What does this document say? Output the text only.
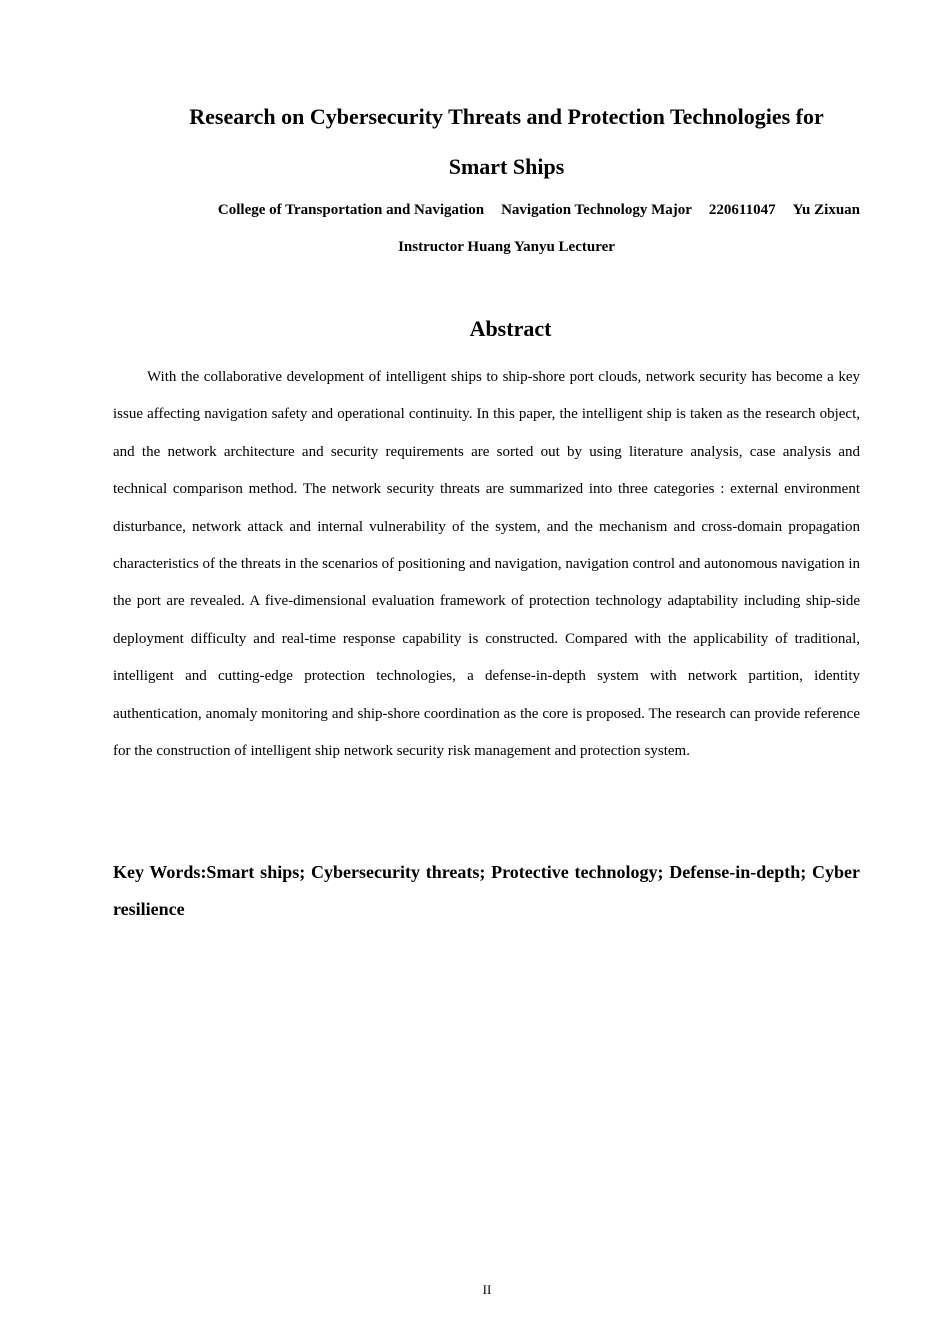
Research on Cybersecurity Threats and Protection Technologies for
Smart Ships
College of Transportation and Navigation Navigation Technology Major 220611047 Yu Zixuan
Instructor Huang Yanyu Lecturer
Abstract

With the collaborative development of intelligent ships to ship-shore port clouds, network security has become a key issue affecting navigation safety and operational continuity. In this paper, the intelligent ship is taken as the research object, and the network architecture and security requirements are sorted out by using literature analysis, case analysis and technical comparison method. The network security threats are summarized into three categories : external environment disturbance, network attack and internal vulnerability of the system, and the mechanism and cross-domain propagation characteristics of the threats in the scenarios of positioning and navigation, navigation control and autonomous navigation in the port are revealed. A five-dimensional evaluation framework of protection technology adaptability including ship-side deployment difficulty and real-time response capability is constructed. Compared with the applicability of traditional, intelligent and cutting-edge protection technologies, a defense-in-depth system with network partition, identity authentication, anomaly monitoring and ship-shore coordination as the core is proposed. The research can provide reference for the construction of intelligent ship network security risk management and protection system.

Key Words:Smart ships; Cybersecurity threats; Protective technology; Defense-in-depth; Cyber resilience

II
